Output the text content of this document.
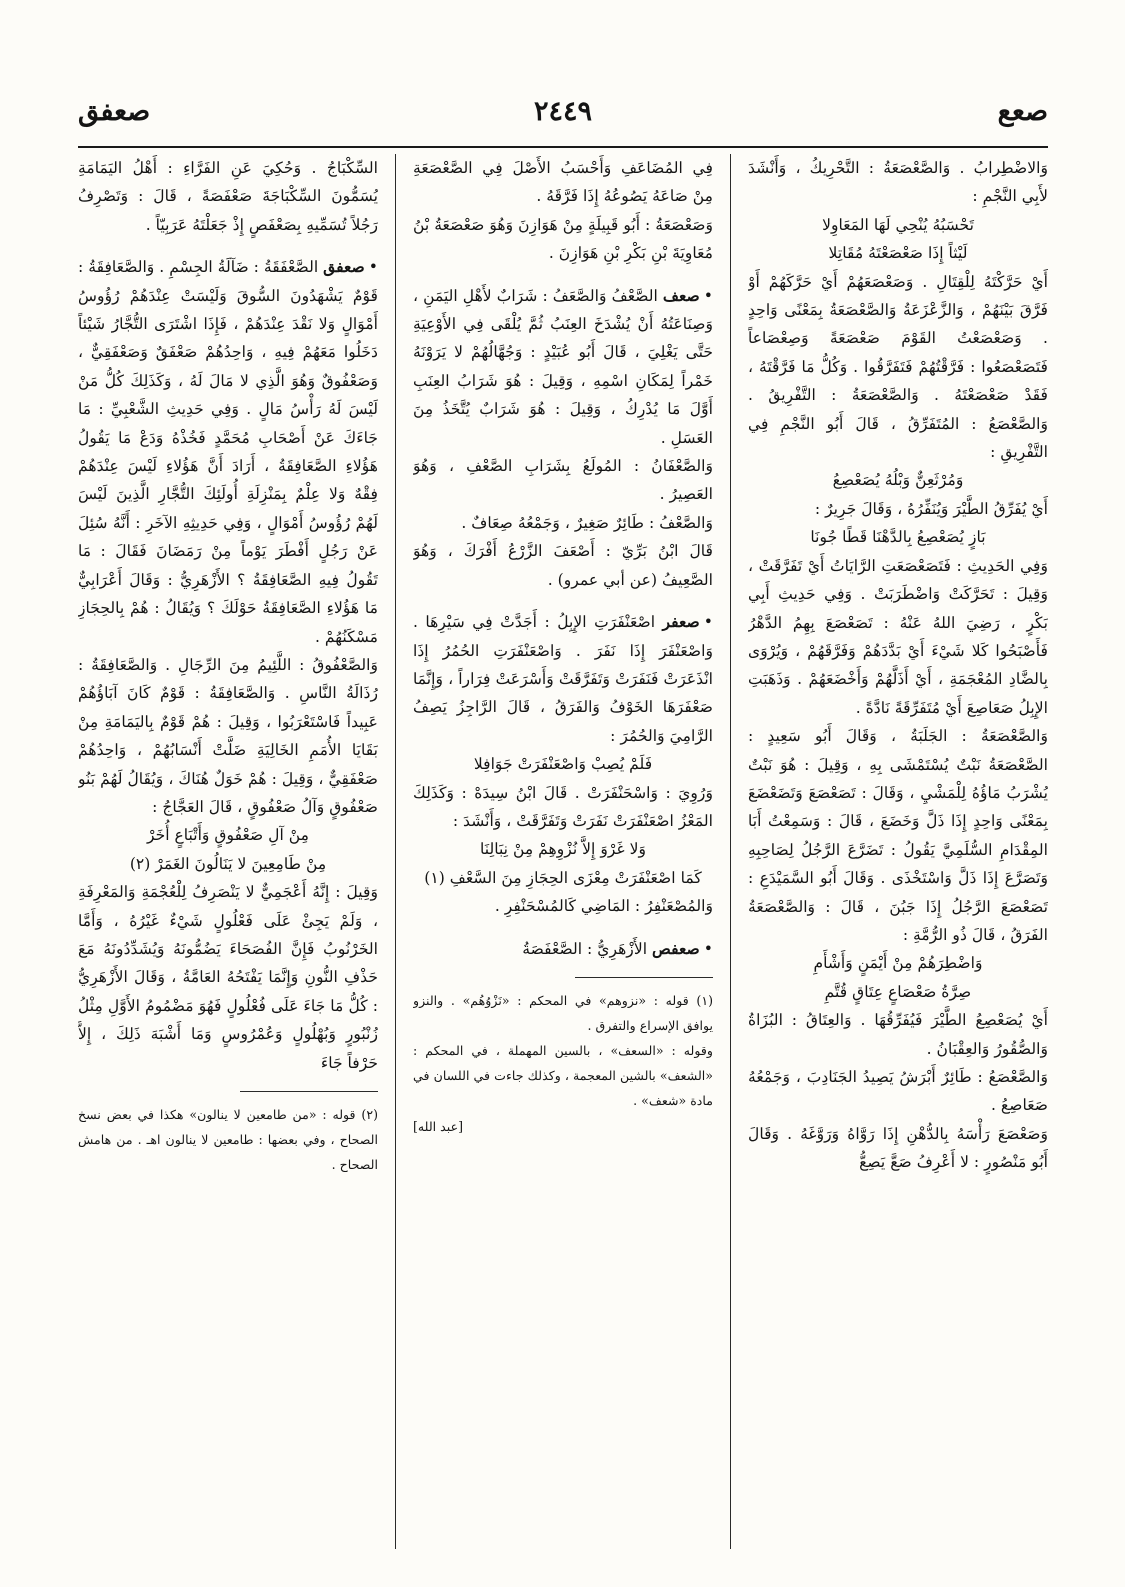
صعع
٢٤٤٩
صعفق

وَالاضْطِرابُ . وَالصَّعْصَعَةُ : التَّحْرِيكُ ، وَأَنْشَدَ لأَبِي النَّجْمِ :

تَحْسَبُهُ يُنْحِي لَهَا المَعَاوِلا

لَيْثاً إِذَا صَعْصَعْتَهُ مُقَاتِلا

أَيْ حَرَّكْتَهُ لِلْقِتَالِ . وَصَعْصَعَهُمْ أَيْ حَرَّكَهُمْ أَوْ فَرَّقَ بَيْنَهُمْ ، وَالزَّعْزَعَةُ وَالصَّعْصَعَةُ بِمَعْنًى وَاحِدٍ . وَصَعْصَعْتُ القَوْمَ صَعْصَعَةً وَصِعْصَاعاً فَتَصَعْصَعُوا : فَرَّقْتُهُمْ فَتَفَرَّقُوا . وَكُلُّ مَا فَرَّقْتَهُ ، فَقَدْ صَعْصَعْتَهُ . وَالصَّعْصَعَةُ : التَّفْرِيقُ . وَالصَّعْصَعُ : المُتَفَرِّقُ ، قَالَ أَبُو النَّجْمِ فِي التَّفْرِيقِ :

وَمُرْثَعِنٌّ وَبْلُهُ يُصَعْصِعُ

أَيْ يُفَرِّقُ الطَّيْرَ وَيُنَفِّرُهُ ، وَقَالَ جَرِيرٌ :

بَازٍ يُصَعْصِعُ بِالدَّهْنَا قَطًا جُونَا

وَفِي الحَدِيثِ : فَتَصَعْصَعَتِ الرَّايَاتُ أَيْ تَفَرَّقَتْ ، وَقِيلَ : تَحَرَّكَتْ وَاضْطَرَبَتْ . وَفِي حَدِيثِ أَبِي بَكْرٍ ، رَضِيَ اللهُ عَنْهُ : تَصَعْصَعَ بِهِمُ الدَّهْرُ فَأَصْبَحُوا كَلا شَيْءَ أَيْ بَدَّدَهُمْ وَفَرَّقَهُمْ ، وَيُرْوَى بِالضَّادِ المُعْجَمَةِ ، أَيْ أَذَلَّهُمْ وَأَخْضَعَهُمْ . وَذَهَبَتِ الإِبِلُ صَعَاصِعَ أَيْ مُتَفَرِّقَةً نَادَّةً .

وَالصَّعْصَعَةُ : الجَلَبَةُ ، وَقَالَ أَبُو سَعِيدٍ : الصَّعْصَعَةُ نَبْتٌ يُسْتَمْشَى بِهِ ، وَقِيلَ : هُوَ نَبْتٌ يُشْرَبُ مَاؤُهُ لِلْمَشْيِ ، وَقَالَ : تَصَعْصَعَ وَتَضَعْضَعَ بِمَعْنًى وَاحِدٍ إِذَا ذَلَّ وَخَضَعَ ، قَالَ : وَسَمِعْتُ أَبَا المِقْدَامِ السُّلَمِيَّ يَقُولُ : تَضَرَّعَ الرَّجُلُ لِصَاحِبِهِ وَتَصَرَّعَ إِذَا ذَلَّ وَاسْتَخْذَى . وَقَالَ أَبُو السَّمَيْدَعِ : تَصَعْصَعَ الرَّجُلُ إِذَا جَبُنَ ، قَالَ : وَالصَّعْصَعَةُ الفَرَقُ ، قَالَ ذُو الرُّمَّةِ :

وَاضْطِرَهُمْ مِنْ أَيْمَنٍ وَأَشْأَمِ

صِرَّةُ صَعْصَاعٍ عِتَاقٍ قُتَّمِ

أَيْ يُصَعْصِعُ الطَّيْرَ فَيُفَرِّقُهَا . وَالعِتَاقُ : البُزَاةُ وَالصُّقُورُ وَالعِقْبَانُ .

وَالصَّعْصَعُ : طَائِرٌ أَبْرَشُ يَصِيدُ الجَنَادِبَ ، وَجَمْعُهُ صَعَاصِعُ .

وَصَعْصَعَ رَأْسَهُ بِالدُّهْنِ إِذَا رَوَّاهُ وَرَوَّغَهُ . وَقَالَ أَبُو مَنْصُورٍ : لا أَعْرِفُ صَعَّ يَصِعُّ

فِي المُضَاعَفِ وَأَحْسَبُ الأَصْلَ فِي الصَّعْصَعَةِ مِنْ صَاعَهُ يَصُوعُهُ إِذَا فَرَّقَهُ .

وَصَعْصَعَةُ : أَبُو قَبِيلَةٍ مِنْ هَوَازِنَ وَهُوَ صَعْصَعَةُ بْنُ مُعَاوِيَةَ بْنِ بَكْرِ بْنِ هَوَازِنَ .

•صعف الصَّعْفُ وَالصَّعَفُ : شَرَابٌ لأَهْلِ اليَمَنِ ، وَصِنَاعَتُهُ أَنْ يُشْدَخَ العِنَبُ ثُمَّ يُلْقَى فِي الأَوْعِيَةِ حَتَّى يَغْلِيَ ، قَالَ أَبُو عُبَيْدٍ : وَجُهَّالُهُمْ لا يَرَوْنَهُ خَمْراً لِمَكَانِ اسْمِهِ ، وَقِيلَ : هُوَ شَرَابُ العِنَبِ أَوَّلَ مَا يُدْرِكُ ، وَقِيلَ : هُوَ شَرَابٌ يُتَّخَذُ مِنَ العَسَلِ .

وَالصَّعْفَانُ : المُولَعُ بِشَرَابِ الصَّعْفِ ، وَهُوَ العَصِيرُ .

وَالصَّعْفُ : طَائِرٌ صَغِيرٌ ، وَجَمْعُهُ صِعَافٌ .

قَالَ ابْنُ بَرِّيّ : أَصْعَفَ الزَّرْعُ أَفْرَكَ ، وَهُوَ الصَّعِيفُ (عن أبي عمرو) .

•صعفر اصْعَنْفَرَتِ الإِبِلُ : أَجَدَّتْ فِي سَيْرِهَا . وَاصْعَنْفَرَ إِذَا نَفَرَ . وَاصْعَنْفَرَتِ الحُمُرُ إِذَا انْذَعَرَتْ فَنَفَرَتْ وَتَفَرَّقَتْ وَأَسْرَعَتْ فِرَاراً ، وَإِنَّمَا صَعْفَرَهَا الخَوْفُ وَالفَرَقُ ، قَالَ الرَّاجِزُ يَصِفُ الرَّامِيَ وَالحُمُرَ :

فَلَمْ يُصِبْ وَاصْعَنْفَرَتْ جَوَافِلا

وَرُوِيَ : وَاسْحَنْفَرَتْ . قَالَ ابْنُ سِيدَهْ : وَكَذَلِكَ المَعْزُ اصْعَنْفَرَتْ نَفَرَتْ وَتَفَرَّقَتْ ، وَأَنْشَدَ :

وَلا غَرْوَ إِلاَّ نُزْوِهِمْ مِنْ نِبَالِنَا

كَمَا اصْعَنْفَرَتْ مِعْزَى الحِجَازِ مِنَ السَّعْفِ (١)

وَالمُصْعَنْفِرُ : المَاضِي كَالمُسْحَنْفِرِ .

•صعفص الأَزْهَرِيُّ : الصَّعْفَصَةُ

(١) قوله : «نزوهم» في المحكم : «نَزْوُهُم» . والنزو يوافق الإسراع والتفرق .

وقوله : «السعف» ، بالسين المهملة ، في المحكم : «الشعف» بالشين المعجمة ، وكذلك جاءت في اللسان في مادة «شعف» .

[عبد الله]

السِّكْبَاجُ . وَحُكِيَ عَنِ الفَرَّاءِ : أَهْلُ اليَمَامَةِ يُسَمُّونَ السِّكْبَاجَةَ صَعْفَصَةً ، قَالَ : وَتَصْرِفُ رَجُلاً تُسَمِّيهِ بِصَعْفَصٍ إِذْ جَعَلْتَهُ عَرَبِيّاً .

•صعفق الصَّعْفَقَةُ : ضَآلَةُ الجِسْمِ . وَالصَّعَافِقَةُ : قَوْمٌ يَشْهَدُونَ السُّوقَ وَلَيْسَتْ عِنْدَهُمْ رُؤُوسُ أَمْوَالٍ وَلا نَقْدَ عِنْدَهُمْ ، فَإِذَا اشْتَرَى التُّجَّارُ شَيْئاً دَخَلُوا مَعَهُمْ فِيهِ ، وَاحِدُهُمْ صَعْفَقٌ وَصَعْفَقِيٌّ ، وَصَعْفُوقٌ وَهُوَ الَّذِي لا مَالَ لَهُ ، وَكَذَلِكَ كُلُّ مَنْ لَيْسَ لَهُ رَأْسُ مَالٍ . وَفِي حَدِيثِ الشَّعْبِيِّ : مَا جَاءَكَ عَنْ أَصْحَابِ مُحَمَّدٍ فَخُذْهُ وَدَعْ مَا يَقُولُ هَؤُلاءِ الصَّعَافِقَةُ ، أَرَادَ أَنَّ هَؤُلاءِ لَيْسَ عِنْدَهُمْ فِقْهٌ وَلا عِلْمٌ بِمَنْزِلَةِ أُولَئِكَ التُّجَّارِ الَّذِينَ لَيْسَ لَهُمْ رُؤُوسُ أَمْوَالٍ ، وَفِي حَدِيثِهِ الآخَرِ : أَنَّهُ سُئِلَ عَنْ رَجُلٍ أَفْطَرَ يَوْماً مِنْ رَمَضَانَ فَقَالَ : مَا تَقُولُ فِيهِ الصَّعَافِقَةُ ؟ الأَزْهَرِيُّ : وَقَالَ أَعْرَابِيٌّ مَا هَؤُلاءِ الصَّعَافِقَةُ حَوْلَكَ ؟ وَيُقَالُ : هُمْ بِالحِجَازِ مَسْكَنُهُمْ .

وَالصَّعْفُوقُ : اللَّئِيمُ مِنَ الرِّجَالِ . وَالصَّعَافِقَةُ : رُذَالَةُ النَّاسِ . وَالصَّعَافِقَةُ : قَوْمٌ كَانَ آبَاؤُهُمْ عَبِيداً فَاسْتَعْرَبُوا ، وَقِيلَ : هُمْ قَوْمٌ بِاليَمَامَةِ مِنْ بَقَايَا الأُمَمِ الخَالِيَةِ ضَلَّتْ أَنْسَابُهُمْ ، وَاحِدُهُمْ صَعْفَقِيٌّ ، وَقِيلَ : هُمْ خَوَلٌ هُنَاكَ ، وَيُقَالُ لَهُمْ بَنُو صَعْفُوقٍ وَآلُ صَعْفُوقٍ ، قَالَ العَجَّاجُ :

مِنْ آلِ صَعْفُوقٍ وَأَتْبَاعٍ أُخَرْ

مِنْ طَامِعِينَ لا يَنَالُونَ الغَمَرْ (٢)

وَقِيلَ : إِنَّهُ أَعْجَمِيٌّ لا يَنْصَرِفُ لِلْعُجْمَةِ وَالمَعْرِفَةِ ، وَلَمْ يَجِئْ عَلَى فَعْلُولٍ شَيْءٌ غَيْرُهُ ، وَأَمَّا الخَرْنُوبُ فَإِنَّ الفُصَحَاءَ يَضُمُّونَهُ وَيُشَدِّدُونَهُ مَعَ حَذْفِ النُّونِ وَإِنَّمَا يَفْتَحُهُ العَامَّةُ ، وَقَالَ الأَزْهَرِيُّ : كُلُّ مَا جَاءَ عَلَى فُعْلُولٍ فَهُوَ مَضْمُومُ الأَوَّلِ مِثْلُ زُنْبُورٍ وَبُهْلُولٍ وَعُمْرُوسٍ وَمَا أَشْبَهَ ذَلِكَ ، إِلاَّ حَرْفاً جَاءَ

(٢) قوله : «من طامعين لا ينالون» هكذا في بعض نسخ الصحاح ، وفي بعضها : طامعين لا ينالون اهـ . من هامش الصحاح .
